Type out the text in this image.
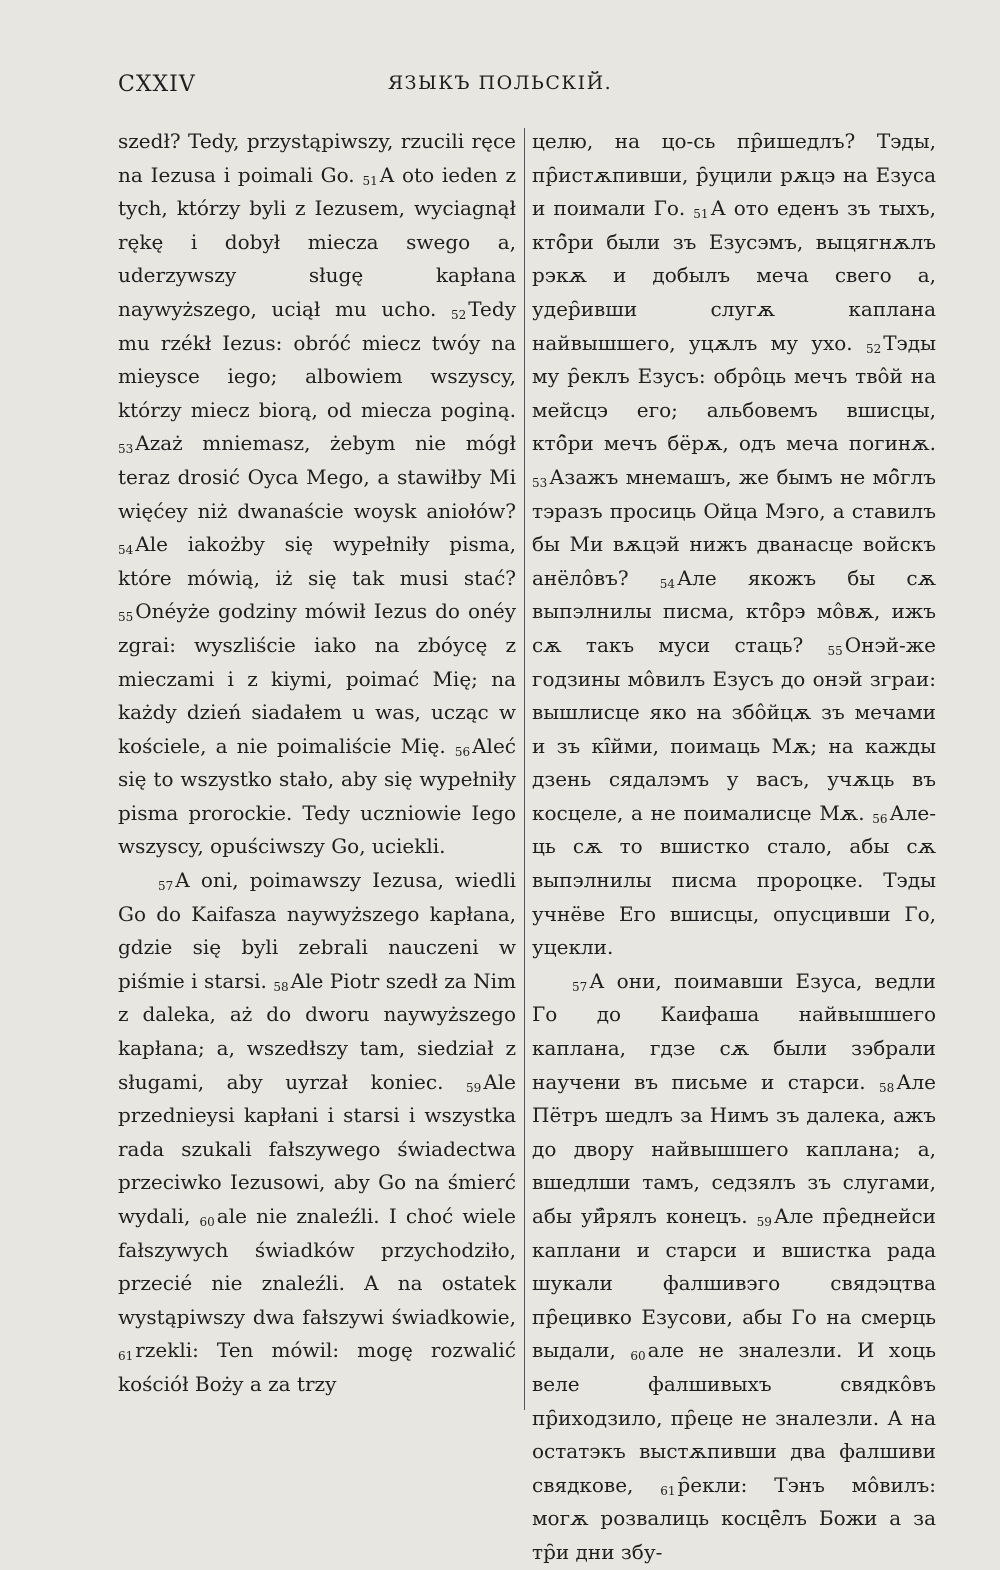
CXXIV	ЯЗЫКЪ ПОЛЬСКІЙ.

szedł? Tedy, przystąpiwszy, rzucili ręce na Iezusa i poimali Go. $_{51}$ A oto ieden z tych, którzy byli z Iezusem, wyciagnął rękę i dobył miecza swego a, uderzywszy sługę kapłana naywyższego, uciął mu ucho. $_{52}$ Tedy mu rzékł Iezus: obróć miecz twóy na mieysce iego; albowiem wszyscy, którzy miecz biorą, od miecza poginą. $_{53}$ Azaż mniemasz, żebym nie mógł teraz drosić Oyca Mego, a stawiłby Mi więćey niż dwanaście woysk aniołów? $_{54}$ Ale iakożby się wypełniły pisma, które mówią, iż się tak musi stać? $_{55}$ Onéyże godziny mówił Iezus do onéy zgrai: wyszliście iako na zbóycę z mieczami i z kiymi, poimać Mię; na każdy dzień siadałem u was, ucząc w kościele, a nie poimaliście Mię. $_{56}$ Aleć się to wszystko stało, aby się wypełniły pisma prorockie. Tedy uczniowie Iego wszyscy, opuściwszy Go, uciekli.

$_{57}$ A oni, poimawszy Iezusa, wiedli Go do Kaifasza naywyższego kapłana, gdzie się byli zebrali nauczeni w piśmie i starsi. $_{58}$ Ale Piotr szedł za Nim z daleka, aż do dworu naywyższego kapłana; a, wszedłszy tam, siedział z sługami, aby uyrzał koniec. $_{59}$ Ale przednieysi kapłani i starsi i wszystka rada szukali fałszywego świadectwa przeciwko Iezusowi, aby Go na śmierć wydali, $_{60}$ ale nie znaleźli. I choć wiele fałszywych świadków przychodziło, przecié nie znaleźli. A na ostatek wystąpiwszy dwa fałszywi świadkowie, $_{61}$ rzekli: Ten mówil: mogę rozwalić kościół Boży a za trzy

целю, на цо-сь пр̑ишедлъ? Тэды, пр̑истѫпивши, р̑уцили рѫцэ на Езуса и поимали Го. $_{51}$ А ото еденъ зъ тыхъ, ктô̑ри были зъ Езусэмъ, выцягнѫлъ рэкѫ и добылъ меча свего а, удер̑ивши слугѫ каплана найвышшего, уцѫлъ му ухо. $_{52}$ Тэды му р̑еклъ Езусъ: обрôць мечъ твôй на мейсцэ его; альбовемъ вшисцы, ктô̑ри мечъ бёрѫ, одъ меча погинѫ. $_{53}$ Азажъ мнемашъ, же бымъ не мô̑глъ тэразъ просиць Ойца Мэго, а ставилъ бы Ми вѫцэй нижъ дванасце войскъ анёлôвъ? $_{54}$ Але якожъ бы сѫ выпэлнилы писма, ктô̑рэ мôвѫ, ижъ сѫ такъ муси стаць? $_{55}$ Онэй-же годзины мôвилъ Езусъ до онэй зграи: вышлисце яко на збôйцѫ зъ мечами и зъ кі̑йми, поимаць Мѫ; на кажды дзень сядалэмъ у васъ, учѫць въ косцеле, а не поималисце Мѫ. $_{56}$ Але-ць сѫ то вшистко стало, абы сѫ выпэлнилы писма пророцке. Тэды учнёве Его вшисцы, опусцивши Го, уцекли.

$_{57}$ А они, поимавши Езуса, ведли Го до Каифаша найвышшего каплана, гдзе сѫ были зэбрали научени въ письме и старси. $_{58}$ Але Пётръ шедлъ за Нимъ зъ далека, ажъ до двору найвышшего каплана; а, вшедлши тамъ, седзялъ зъ слугами, абы уй̑рялъ конецъ. $_{59}$ Але пр̑еднейси каплани и старси и вшистка рада шукали фалшивэго свядэцтва пр̑ецивко Езусови, абы Го на смерць выдали, $_{60}$ але не зналезли. И хоць веле фалшивыхъ свядкôвъ пр̑иходзило, пр̑еце не зналезли. А на остатэкъ выстѫпивши два фалшиви свядкове, $_{61}$ р̑екли: Тэнъ мôвилъ: могѫ розвалиць косцё̑лъ Божи а за тр̑и дни збу-
